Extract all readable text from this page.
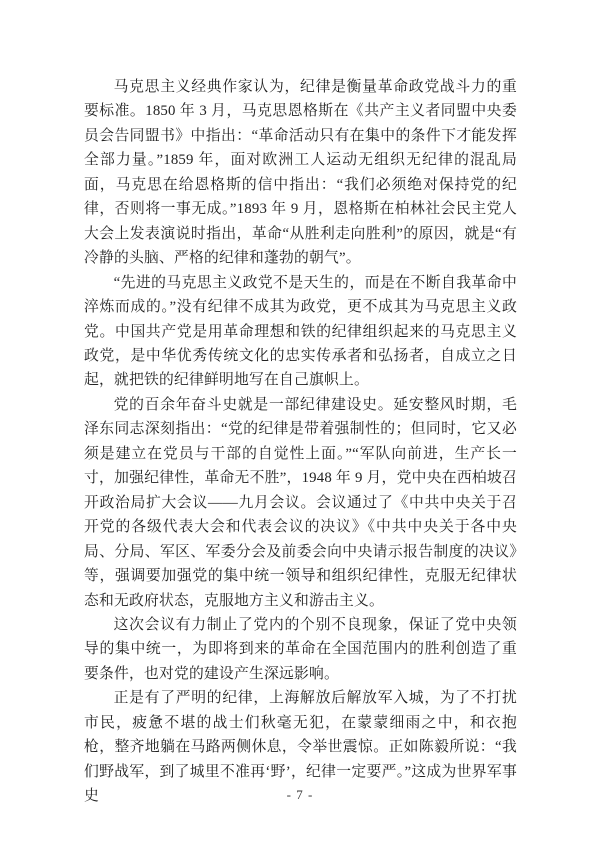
马克思主义经典作家认为，纪律是衡量革命政党战斗力的重要标准。1850 年 3 月，马克思恩格斯在《共产主义者同盟中央委员会告同盟书》中指出：“革命活动只有在集中的条件下才能发挥全部力量。”1859 年，面对欧洲工人运动无组织无纪律的混乱局面，马克思在给恩格斯的信中指出：“我们必须绝对保持党的纪律，否则将一事无成。”1893 年 9 月，恩格斯在柏林社会民主党人大会上发表演说时指出，革命“从胜利走向胜利”的原因，就是“有冷静的头脑、严格的纪律和蓬勃的朝气”。

“先进的马克思主义政党不是天生的，而是在不断自我革命中淬炼而成的。”没有纪律不成其为政党，更不成其为马克思主义政党。中国共产党是用革命理想和铁的纪律组织起来的马克思主义政党，是中华优秀传统文化的忠实传承者和弘扬者，自成立之日起，就把铁的纪律鲜明地写在自己旗帜上。

党的百余年奋斗史就是一部纪律建设史。延安整风时期，毛泽东同志深刻指出：“党的纪律是带着强制性的；但同时，它又必须是建立在党员与干部的自觉性上面。”“军队向前进，生产长一寸，加强纪律性，革命无不胜”，1948 年 9 月，党中央在西柏坡召开政治局扩大会议——九月会议。会议通过了《中共中央关于召开党的各级代表大会和代表会议的决议》《中共中央关于各中央局、分局、军区、军委分会及前委会向中央请示报告制度的决议》等，强调要加强党的集中统一领导和组织纪律性，克服无纪律状态和无政府状态，克服地方主义和游击主义。

这次会议有力制止了党内的个别不良现象，保证了党中央领导的集中统一，为即将到来的革命在全国范围内的胜利创造了重要条件，也对党的建设产生深远影响。

正是有了严明的纪律，上海解放后解放军入城，为了不打扰市民，疲惫不堪的战士们秋毫无犯，在蒙蒙细雨之中，和衣抱枪，整齐地躺在马路两侧休息，令举世震惊。正如陈毅所说：“我们野战军，到了城里不准再‘野’，纪律一定要严。”这成为世界军事史	- 7 -
